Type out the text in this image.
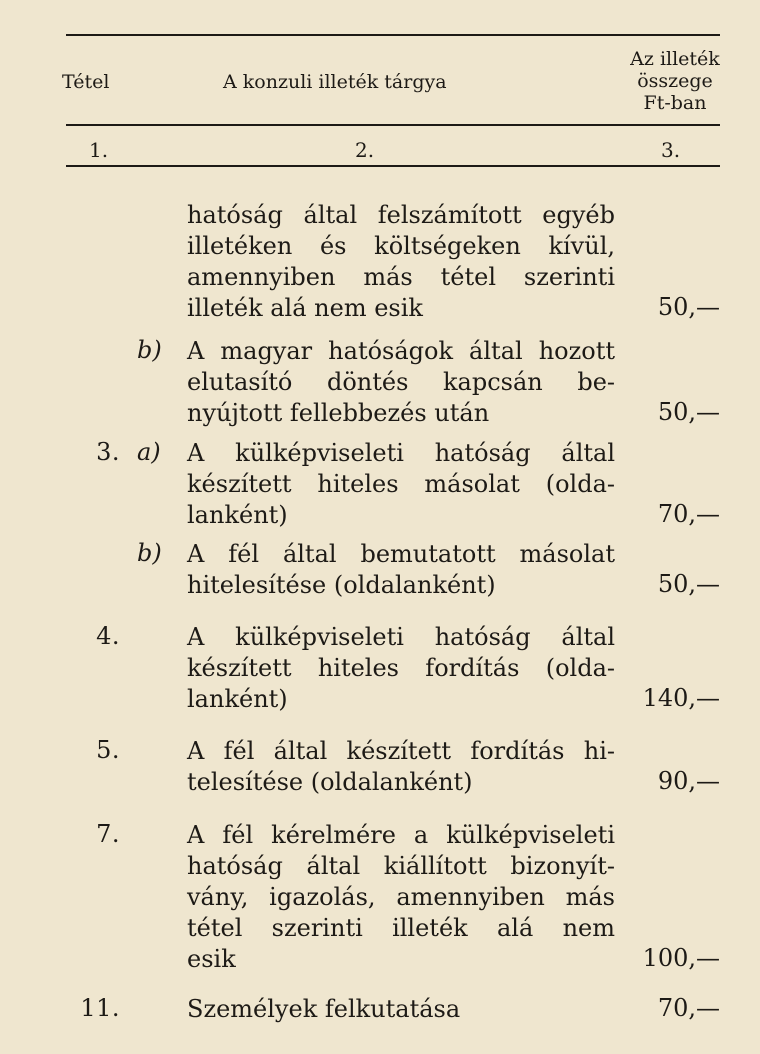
Tétel	A konzuli illeték tárgya
Az illeték
összege
Ft-ban
1.	2.	3.
hatóság által felszámított egyéb
illetéken és költségeken kívül,
amennyiben más tétel szerinti
illeték alá nem esik	50,—
b) A magyar hatóságok által hozott
elutasító döntés kapcsán be-
nyújtott fellebbezés után	50,—
3. a) A külképviseleti hatóság által
készített hiteles másolat (olda-
lanként)	70,—
b) A fél által bemutatott másolat
hitelesítése (oldalanként)	50,—
4.	A külképviseleti hatóság által
készített hiteles fordítás (olda-
lanként)	140,—
5.	A fél által készített fordítás hi-
telesítése (oldalanként)	90,—
7.	A fél kérelmére a külképviseleti
hatóság által kiállított bizonyít-
vány, igazolás, amennyiben más
tétel szerinti illeték alá nem
esik	100,—
11.	Személyek felkutatása	70,—
